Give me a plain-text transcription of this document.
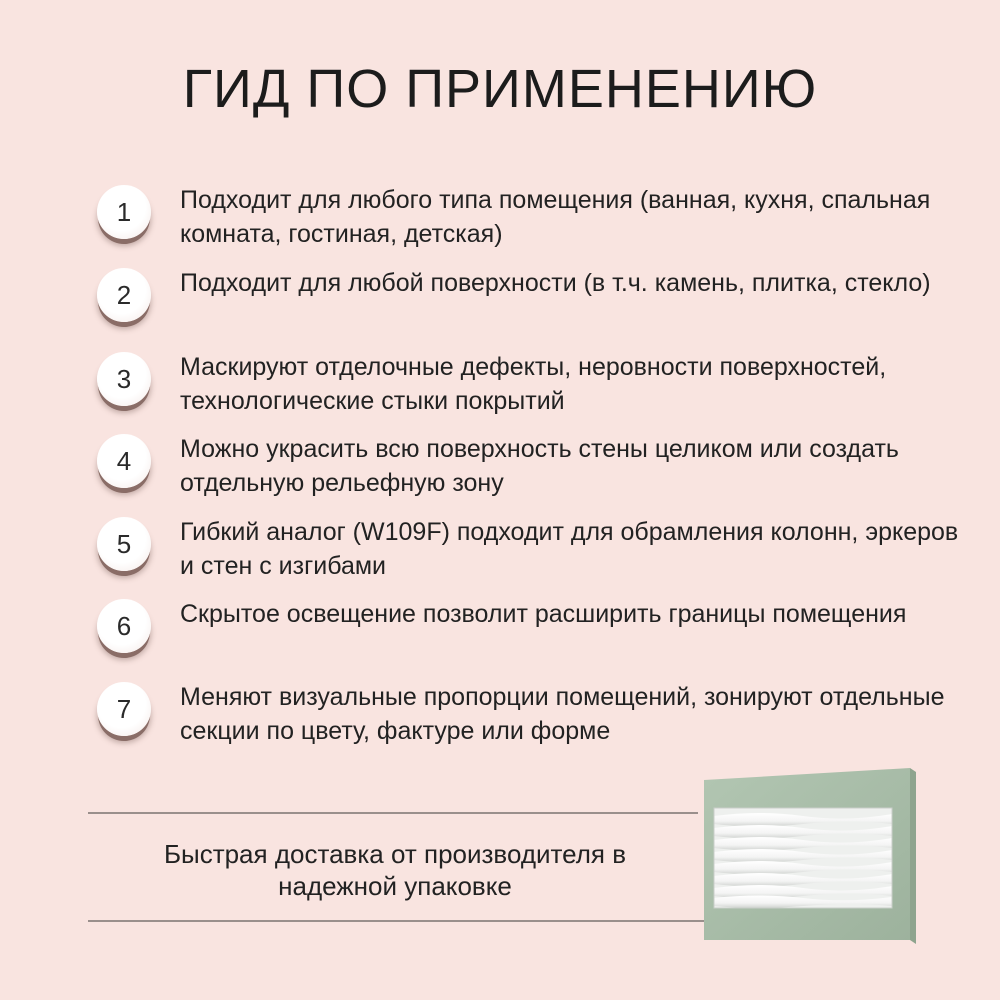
ГИД ПО ПРИМЕНЕНИЮ
1	Подходит для любого типа помещения (ванная, кухня, спальная комната, гостиная, детская)
2	Подходит для любой поверхности (в т.ч. камень, плитка, стекло)
3	Маскируют отделочные дефекты, неровности поверхностей, технологические стыки покрытий
4	Можно украсить всю поверхность стены целиком или создать отдельную рельефную зону
5	Гибкий аналог (W109F) подходит для обрамления колонн, эркеров и стен с изгибами
6	Скрытое освещение позволит расширить границы помещения
7	Меняют визуальные пропорции помещений, зонируют отдельные секции по цвету, фактуре или форме
Быстрая доставка от производителя в надежной упаковке
